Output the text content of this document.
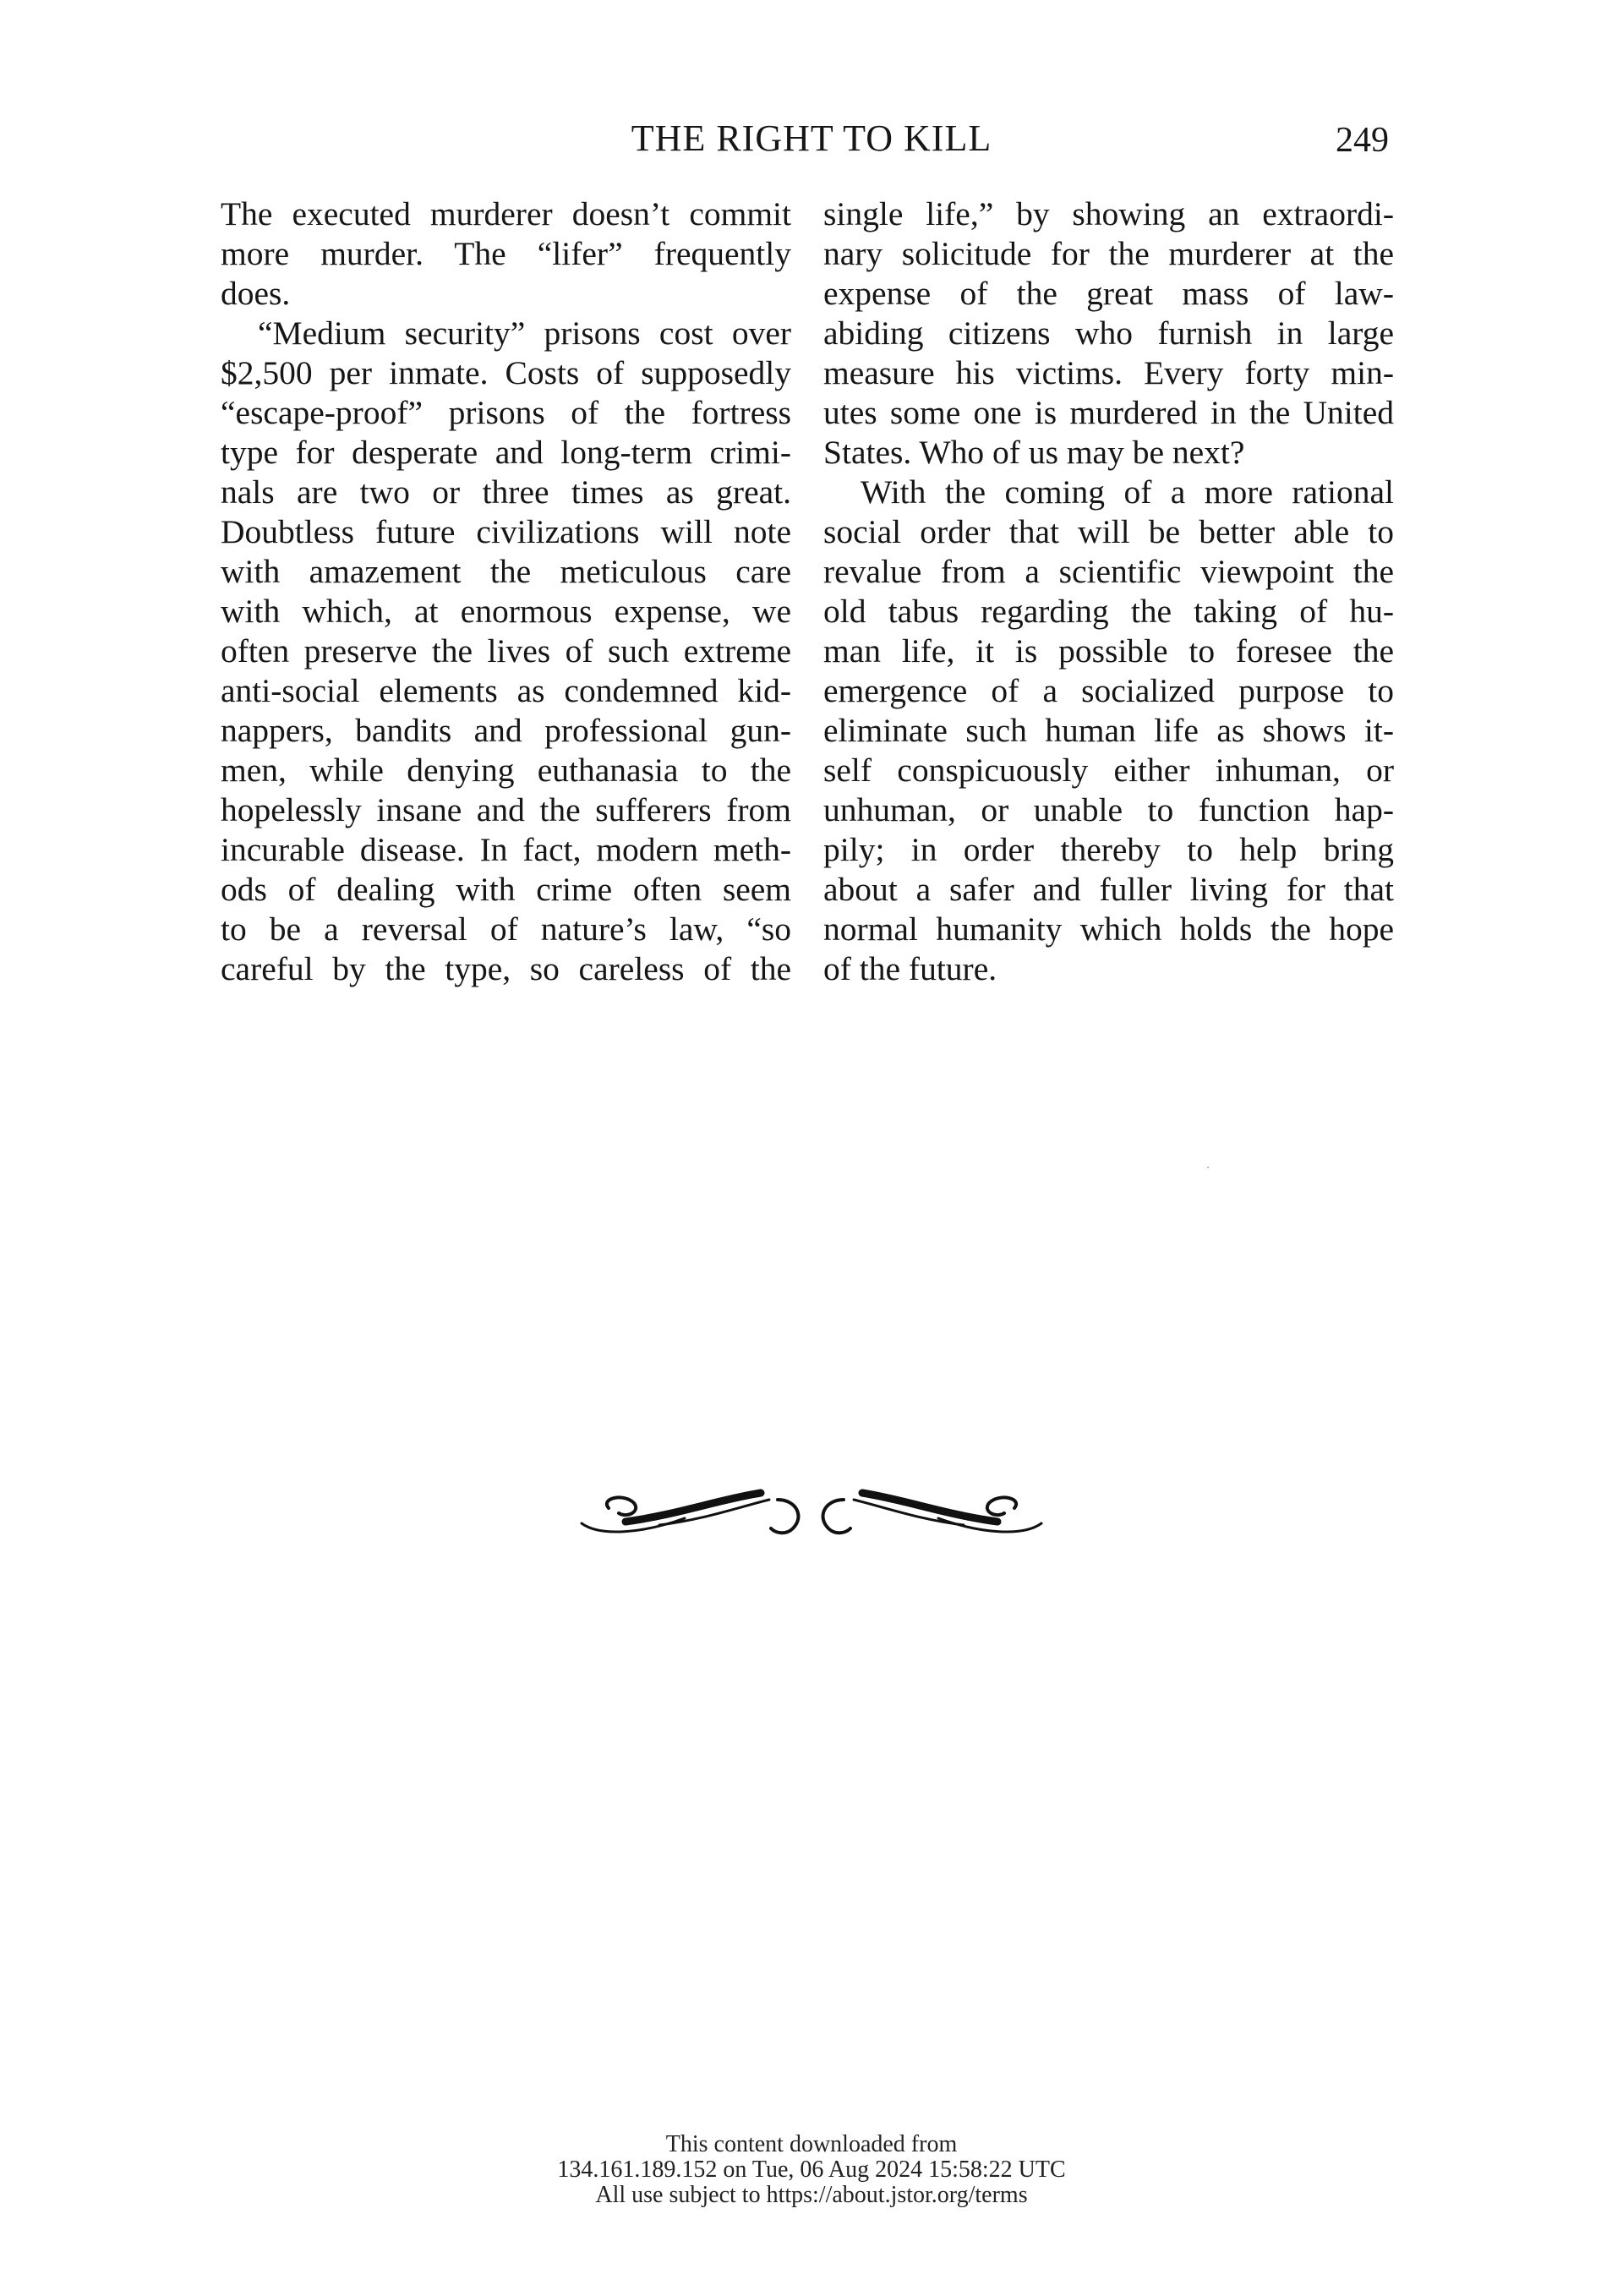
THE RIGHT TO KILL	249
The executed murderer doesn’t commit
more murder. The “lifer” frequently
does.
“Medium security” prisons cost over
$2,500 per inmate. Costs of supposedly
“escape-proof” prisons of the fortress
type for desperate and long-term crimi-
nals are two or three times as great.
Doubtless future civilizations will note
with amazement the meticulous care
with which, at enormous expense, we
often preserve the lives of such extreme
anti-social elements as condemned kid-
nappers, bandits and professional gun-
men, while denying euthanasia to the
hopelessly insane and the sufferers from
incurable disease. In fact, modern meth-
ods of dealing with crime often seem
to be a reversal of nature’s law, “so
careful by the type, so careless of the
single life,” by showing an extraordi-
nary solicitude for the murderer at the
expense of the great mass of law-
abiding citizens who furnish in large
measure his victims. Every forty min-
utes some one is murdered in the United
States. Who of us may be next?
With the coming of a more rational
social order that will be better able to
revalue from a scientific viewpoint the
old tabus regarding the taking of hu-
man life, it is possible to foresee the
emergence of a socialized purpose to
eliminate such human life as shows it-
self conspicuously either inhuman, or
unhuman, or unable to function hap-
pily; in order thereby to help bring
about a safer and fuller living for that
normal humanity which holds the hope
of the future.
This content downloaded from
134.161.189.152 on Tue, 06 Aug 2024 15:58:22 UTC
All use subject to https://about.jstor.org/terms
